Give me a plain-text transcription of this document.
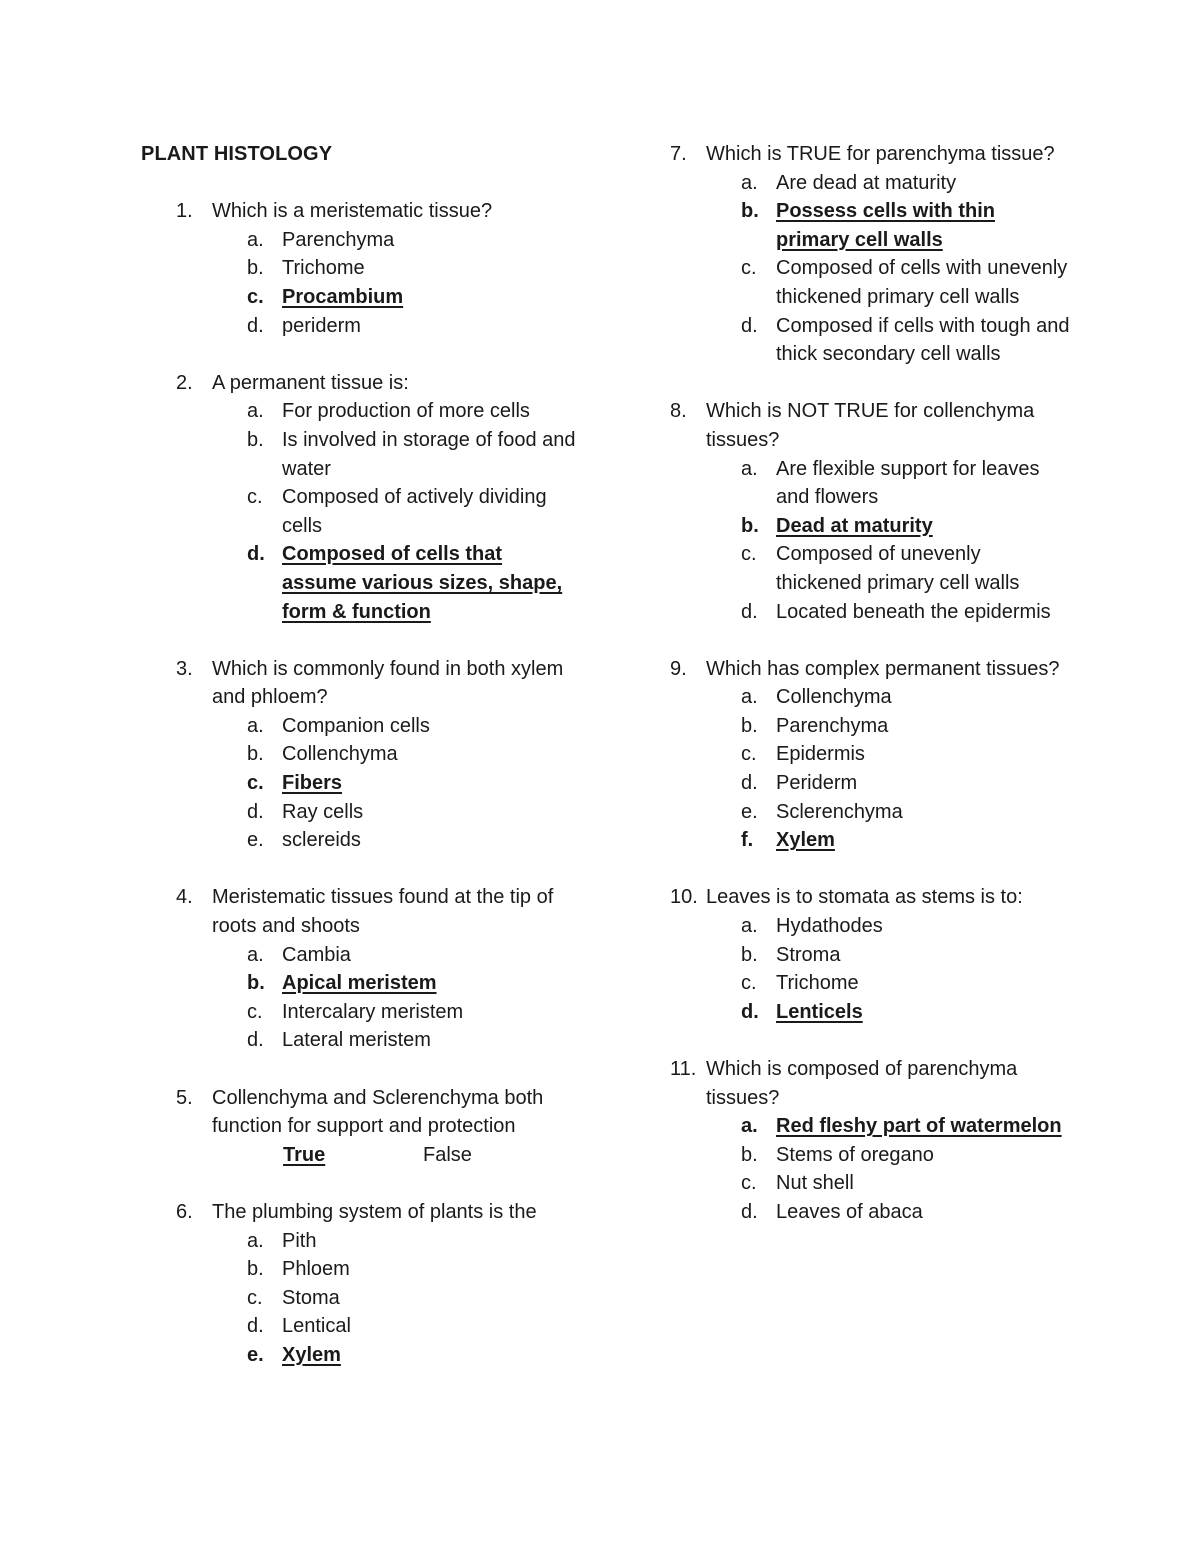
PLANT HISTOLOGY
1. Which is a meristematic tissue?
a. Parenchyma
b. Trichome
c. Procambium
d. periderm
2. A permanent tissue is:
a. For production of more cells
b. Is involved in storage of food and water
c. Composed of actively dividing cells
d. Composed of cells that assume various sizes, shape, form & function
3. Which is commonly found in both xylem and phloem?
a. Companion cells
b. Collenchyma
c. Fibers
d. Ray cells
e. sclereids
4. Meristematic tissues found at the tip of roots and shoots
a. Cambia
b. Apical meristem
c. Intercalary meristem
d. Lateral meristem
5. Collenchyma and Sclerenchyma both function for support and protection
True	False
6. The plumbing system of plants is the
a. Pith
b. Phloem
c. Stoma
d. Lentical
e. Xylem
7. Which is TRUE for parenchyma tissue?
a. Are dead at maturity
b. Possess cells with thin primary cell walls
c. Composed of cells with unevenly thickened primary cell walls
d. Composed if cells with tough and thick secondary cell walls
8. Which is NOT TRUE for collenchyma tissues?
a. Are flexible support for leaves and flowers
b. Dead at maturity
c. Composed of unevenly thickened primary cell walls
d. Located beneath the epidermis
9. Which has complex permanent tissues?
a. Collenchyma
b. Parenchyma
c. Epidermis
d. Periderm
e. Sclerenchyma
f.	Xylem
10. Leaves is to stomata as stems is to:
a. Hydathodes
b. Stroma
c. Trichome
d. Lenticels
11. Which is composed of parenchyma tissues?
a. Red fleshy part of watermelon
b. Stems of oregano
c. Nut shell
d. Leaves of abaca
